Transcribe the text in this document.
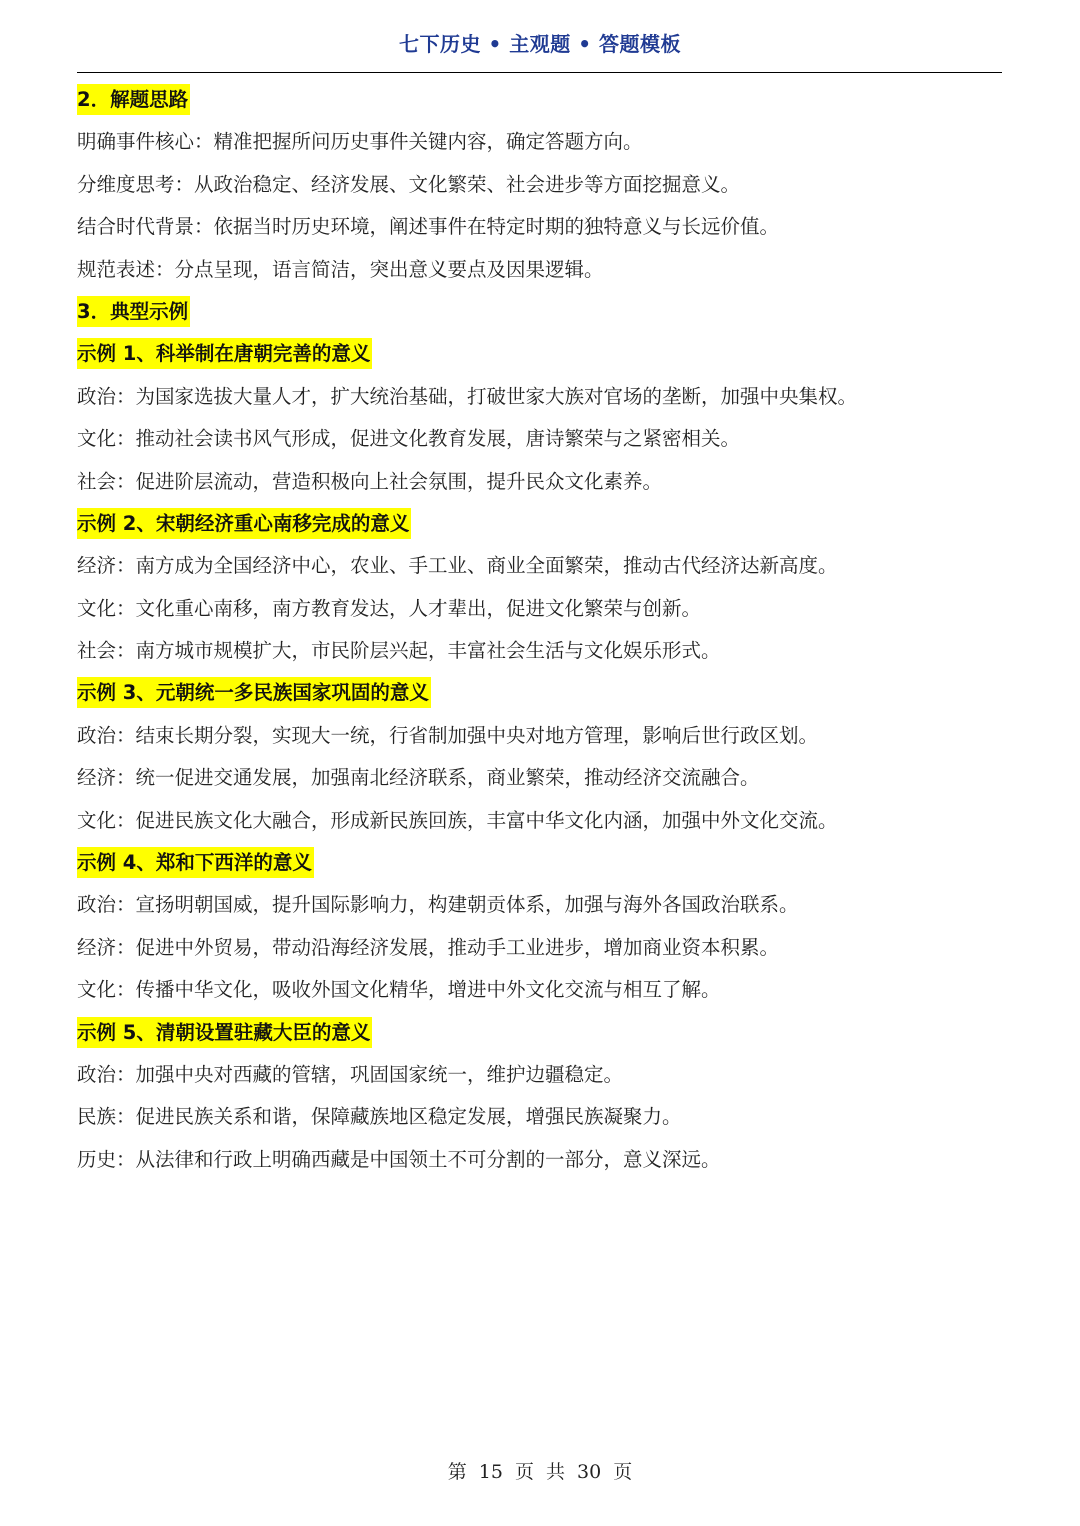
七下历史 • 主观题 • 答题模板
2．解题思路
明确事件核心：精准把握所问历史事件关键内容，确定答题方向。
分维度思考：从政治稳定、经济发展、文化繁荣、社会进步等方面挖掘意义。
结合时代背景：依据当时历史环境，阐述事件在特定时期的独特意义与长远价值。
规范表述：分点呈现，语言简洁，突出意义要点及因果逻辑。
3．典型示例
示例 1、科举制在唐朝完善的意义
政治：为国家选拔大量人才，扩大统治基础，打破世家大族对官场的垄断，加强中央集权。
文化：推动社会读书风气形成，促进文化教育发展，唐诗繁荣与之紧密相关。
社会：促进阶层流动，营造积极向上社会氛围，提升民众文化素养。
示例 2、宋朝经济重心南移完成的意义
经济：南方成为全国经济中心，农业、手工业、商业全面繁荣，推动古代经济达新高度。
文化：文化重心南移，南方教育发达，人才辈出，促进文化繁荣与创新。
社会：南方城市规模扩大，市民阶层兴起，丰富社会生活与文化娱乐形式。
示例 3、元朝统一多民族国家巩固的意义
政治：结束长期分裂，实现大一统，行省制加强中央对地方管理，影响后世行政区划。
经济：统一促进交通发展，加强南北经济联系，商业繁荣，推动经济交流融合。
文化：促进民族文化大融合，形成新民族回族，丰富中华文化内涵，加强中外文化交流。
示例 4、郑和下西洋的意义
政治：宣扬明朝国威，提升国际影响力，构建朝贡体系，加强与海外各国政治联系。
经济：促进中外贸易，带动沿海经济发展，推动手工业进步，增加商业资本积累。
文化：传播中华文化，吸收外国文化精华，增进中外文化交流与相互了解。
示例 5、清朝设置驻藏大臣的意义
政治：加强中央对西藏的管辖，巩固国家统一，维护边疆稳定。
民族：促进民族关系和谐，保障藏族地区稳定发展，增强民族凝聚力。
历史：从法律和行政上明确西藏是中国领土不可分割的一部分，意义深远。
第 15 页 共 30 页
